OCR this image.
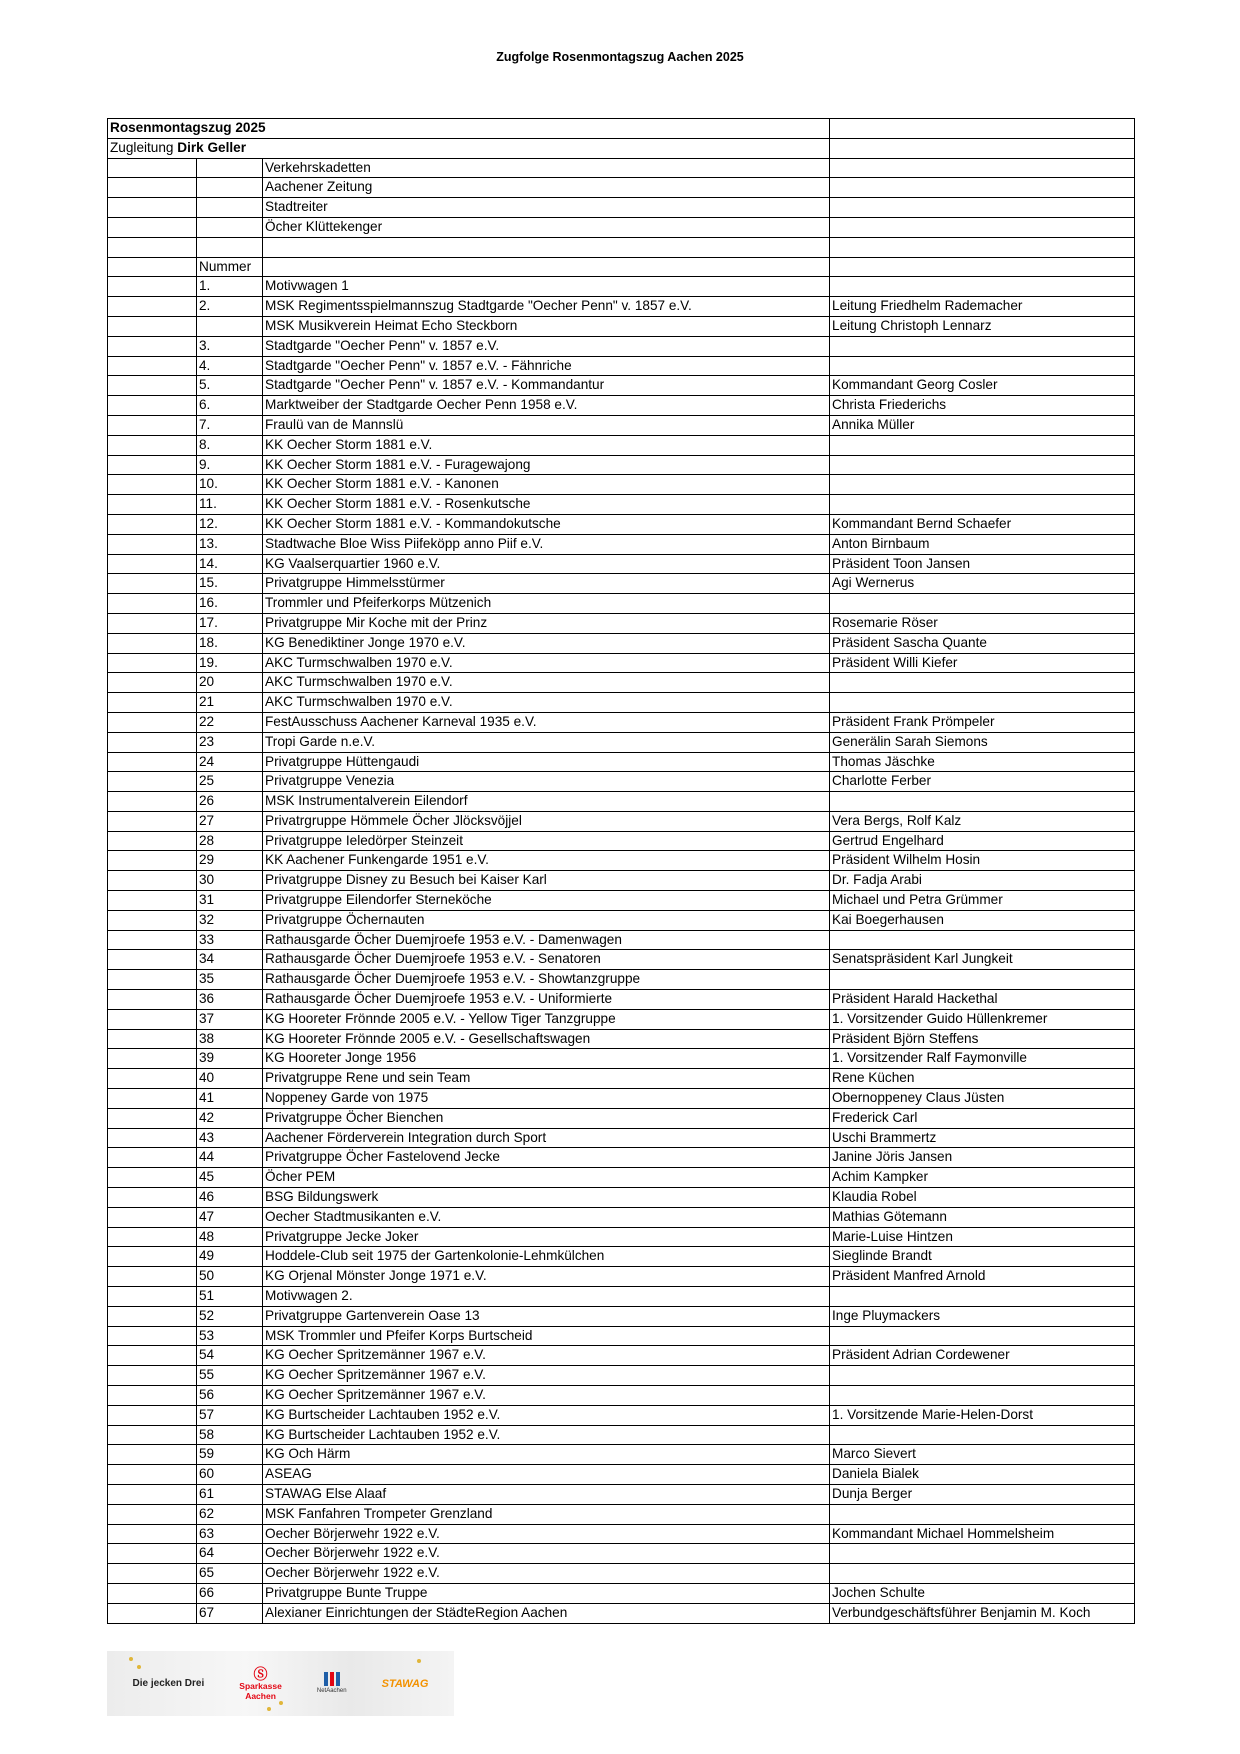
Zugfolge Rosenmontagszug Aachen 2025
Rosenmontagszug 2025			
Zugleitung Dirk Geller			
		Verkehrskadetten	
		Aachener Zeitung	
		Stadtreiter	
		Öcher Klüttekenger	

	Nummer		
	1.	Motivwagen 1	
	2.	MSK Regimentsspielmannszug Stadtgarde "Oecher Penn" v. 1857 e.V.	Leitung Friedhelm Rademacher
		MSK Musikverein Heimat Echo Steckborn	Leitung Christoph Lennarz
	3.	Stadtgarde "Oecher Penn" v. 1857 e.V.	
	4.	Stadtgarde "Oecher Penn" v. 1857 e.V. - Fähnriche	
	5.	Stadtgarde "Oecher Penn" v. 1857 e.V. - Kommandantur	Kommandant Georg Cosler
	6.	Marktweiber der Stadtgarde Oecher Penn 1958 e.V.	Christa Friederichs
	7.	Fraulü van de Mannslü	Annika Müller
	8.	KK Oecher Storm 1881 e.V.	
	9.	KK Oecher Storm 1881 e.V. - Furagewajong	
	10.	KK Oecher Storm 1881 e.V. - Kanonen	
	11.	KK Oecher Storm 1881 e.V. - Rosenkutsche	
	12.	KK Oecher Storm 1881 e.V. - Kommandokutsche	Kommandant Bernd Schaefer
	13.	Stadtwache Bloe Wiss Piifeköpp anno Piif e.V.	Anton Birnbaum
	14.	KG Vaalserquartier 1960 e.V.	Präsident Toon Jansen
	15.	Privatgruppe Himmelsstürmer	Agi Wernerus
	16.	Trommler und Pfeiferkorps Mützenich	
	17.	Privatgruppe Mir Koche mit der Prinz	Rosemarie Röser
	18.	KG Benediktiner Jonge 1970 e.V.	Präsident Sascha Quante
	19.	AKC Turmschwalben 1970 e.V.	Präsident Willi Kiefer
	20	AKC Turmschwalben 1970 e.V.	
	21	AKC Turmschwalben 1970 e.V.	
	22	FestAusschuss Aachener Karneval 1935 e.V.	Präsident Frank Prömpeler
	23	Tropi Garde n.e.V.	Generälin Sarah Siemons
	24	Privatgruppe Hüttengaudi	Thomas Jäschke
	25	Privatgruppe Venezia	Charlotte Ferber
	26	MSK Instrumentalverein Eilendorf	
	27	Privatrgruppe Hömmele Öcher Jlöcksvöjjel	Vera Bergs, Rolf Kalz
	28	Privatgruppe Ieledörper Steinzeit	Gertrud Engelhard
	29	KK Aachener Funkengarde 1951 e.V.	Präsident Wilhelm Hosin
	30	Privatgruppe Disney zu Besuch bei Kaiser Karl	Dr. Fadja Arabi
	31	Privatgruppe Eilendorfer Sterneköche	Michael und Petra Grümmer
	32	Privatgruppe Öchernauten	Kai Boegerhausen
	33	Rathausgarde Öcher Duemjroefe 1953 e.V. - Damenwagen	
	34	Rathausgarde Öcher Duemjroefe 1953 e.V. - Senatoren	Senatspräsident Karl Jungkeit
	35	Rathausgarde Öcher Duemjroefe 1953 e.V. - Showtanzgruppe	
	36	Rathausgarde Öcher Duemjroefe 1953 e.V. - Uniformierte	Präsident Harald Hackethal
	37	KG Hooreter Frönnde 2005 e.V. - Yellow Tiger Tanzgruppe	1. Vorsitzender Guido Hüllenkremer
	38	KG Hooreter Frönnde 2005 e.V. - Gesellschaftswagen	Präsident Björn Steffens
	39	KG Hooreter Jonge 1956	1. Vorsitzender Ralf Faymonville
	40	Privatgruppe Rene und sein Team	Rene Küchen
	41	Noppeney Garde von 1975	Obernoppeney Claus Jüsten
	42	Privatgruppe Öcher Bienchen	Frederick Carl
	43	Aachener Förderverein Integration durch Sport	Uschi Brammertz
	44	Privatgruppe Öcher Fastelovend Jecke	Janine Jöris Jansen
	45	Öcher PEM	Achim Kampker
	46	BSG Bildungswerk	Klaudia Robel
	47	Oecher Stadtmusikanten e.V.	Mathias Götemann
	48	Privatgruppe Jecke Joker	Marie-Luise Hintzen
	49	Hoddele-Club seit 1975 der Gartenkolonie-Lehmkülchen	Sieglinde Brandt
	50	KG Orjenal Mönster Jonge 1971 e.V.	Präsident Manfred Arnold
	51	Motivwagen 2.	
	52	Privatgruppe Gartenverein Oase 13	Inge Pluymackers
	53	MSK Trommler und Pfeifer Korps Burtscheid	
	54	KG Oecher Spritzemänner 1967 e.V.	Präsident Adrian Cordewener
	55	KG Oecher Spritzemänner 1967 e.V.	
	56	KG Oecher Spritzemänner 1967 e.V.	
	57	KG Burtscheider Lachtauben 1952 e.V.	1. Vorsitzende Marie-Helen-Dorst
	58	KG Burtscheider Lachtauben 1952 e.V.	
	59	KG Och Härm	Marco Sievert
	60	ASEAG	Daniela Bialek
	61	STAWAG Else Alaaf	Dunja Berger
	62	MSK Fanfahren Trompeter Grenzland	
	63	Oecher Börjerwehr 1922 e.V.	Kommandant Michael Hommelsheim
	64	Oecher Börjerwehr 1922 e.V.	
	65	Oecher Börjerwehr 1922 e.V.	
	66	Privatgruppe Bunte Truppe	Jochen Schulte
	67	Alexianer Einrichtungen der StädteRegion Aachen	Verbundgeschäftsführer Benjamin M. Koch
Die jecken Drei
Ⓢ
Sparkasse
Aachen	NetAachen
STAWAG
